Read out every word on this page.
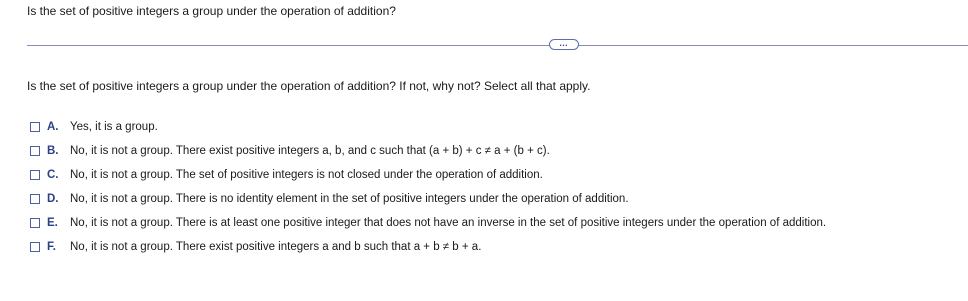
Is the set of positive integers a group under the operation of addition?
…
Is the set of positive integers a group under the operation of addition? If not, why not? Select all that apply.
A.	Yes, it is a group.
B.	No, it is not a group. There exist positive integers a, b, and c such that (a + b) + c ≠ a + (b + c).
C.	No, it is not a group. The set of positive integers is not closed under the operation of addition.
D.	No, it is not a group. There is no identity element in the set of positive integers under the operation of addition.
E.	No, it is not a group. There is at least one positive integer that does not have an inverse in the set of positive integers under the operation of addition.
F.	No, it is not a group. There exist positive integers a and b such that a + b ≠ b + a.
